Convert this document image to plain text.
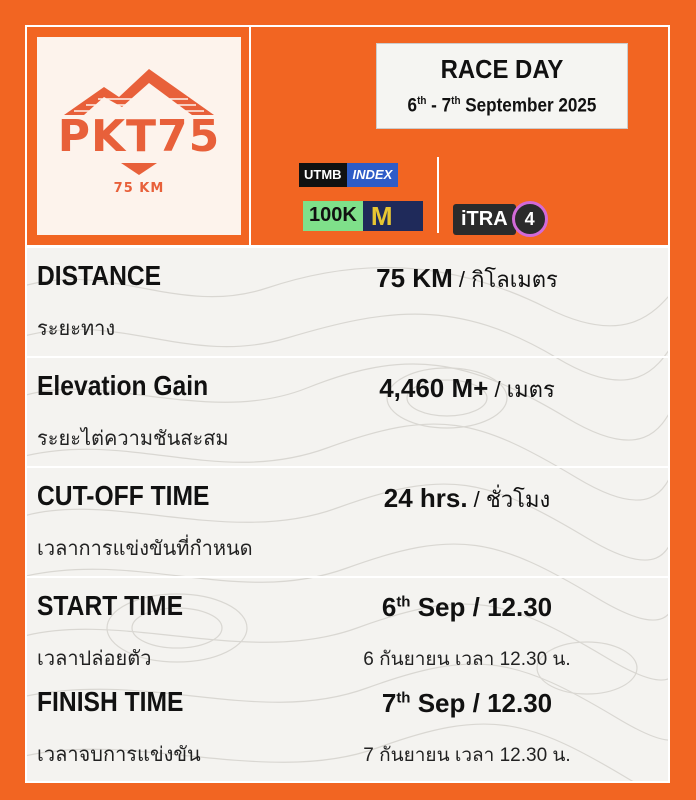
PKT75
75 KM
RACE DAY
6th - 7th September 2025
UTMB INDEX
100K M	iTRA 4
DISTANCE
ระยะทาง
75 KM / กิโลเมตร
Elevation Gain
ระยะไต่ความชันสะสม
4,460 M+ / เมตร
CUT-OFF TIME
เวลาการแข่งขันที่กำหนด
24 hrs. / ชั่วโมง
START TIME
เวลาปล่อยตัว
6th Sep / 12.30
6 กันยายน เวลา 12.30 น.
FINISH TIME
เวลาจบการแข่งขัน
7th Sep / 12.30
7 กันยายน เวลา 12.30 น.
